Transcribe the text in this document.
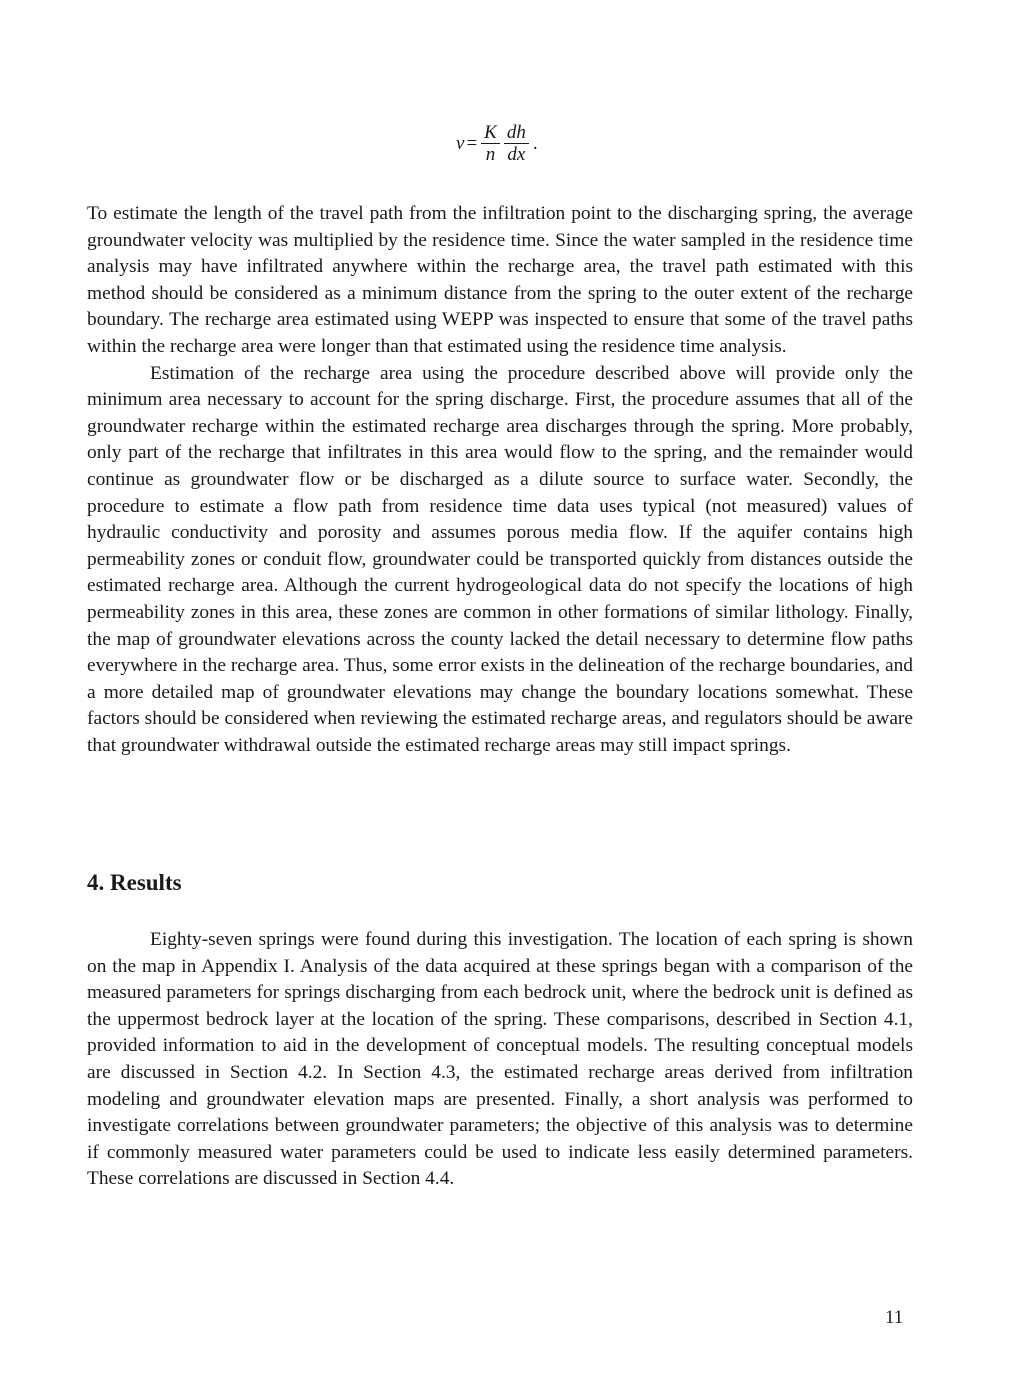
$v = \frac{K}{n} \frac{dh}{dx}$ .

To estimate the length of the travel path from the infiltration point to the discharging spring, the average groundwater velocity was multiplied by the residence time. Since the water sampled in the residence time analysis may have infiltrated anywhere within the recharge area, the travel path estimated with this method should be considered as a minimum distance from the spring to the outer extent of the recharge boundary. The recharge area estimated using WEPP was inspected to ensure that some of the travel paths within the recharge area were longer than that estimated using the residence time analysis.

Estimation of the recharge area using the procedure described above will provide only the minimum area necessary to account for the spring discharge. First, the procedure assumes that all of the groundwater recharge within the estimated recharge area discharges through the spring. More probably, only part of the recharge that infiltrates in this area would flow to the spring, and the remainder would continue as groundwater flow or be discharged as a dilute source to surface water. Secondly, the procedure to estimate a flow path from residence time data uses typical (not measured) values of hydraulic conductivity and porosity and assumes porous media flow. If the aquifer contains high permeability zones or conduit flow, groundwater could be transported quickly from distances outside the estimated recharge area. Although the current hydrogeological data do not specify the locations of high permeability zones in this area, these zones are common in other formations of similar lithology. Finally, the map of groundwater elevations across the county lacked the detail necessary to determine flow paths everywhere in the recharge area. Thus, some error exists in the delineation of the recharge boundaries, and a more detailed map of groundwater elevations may change the boundary locations somewhat. These factors should be considered when reviewing the estimated recharge areas, and regulators should be aware that groundwater withdrawal outside the estimated recharge areas may still impact springs.

4. Results

Eighty-seven springs were found during this investigation. The location of each spring is shown on the map in Appendix I. Analysis of the data acquired at these springs began with a comparison of the measured parameters for springs discharging from each bedrock unit, where the bedrock unit is defined as the uppermost bedrock layer at the location of the spring. These comparisons, described in Section 4.1, provided information to aid in the development of conceptual models. The resulting conceptual models are discussed in Section 4.2. In Section 4.3, the estimated recharge areas derived from infiltration modeling and groundwater elevation maps are presented. Finally, a short analysis was performed to investigate correlations between groundwater parameters; the objective of this analysis was to determine if commonly measured water parameters could be used to indicate less easily determined parameters. These correlations are discussed in Section 4.4.

11
